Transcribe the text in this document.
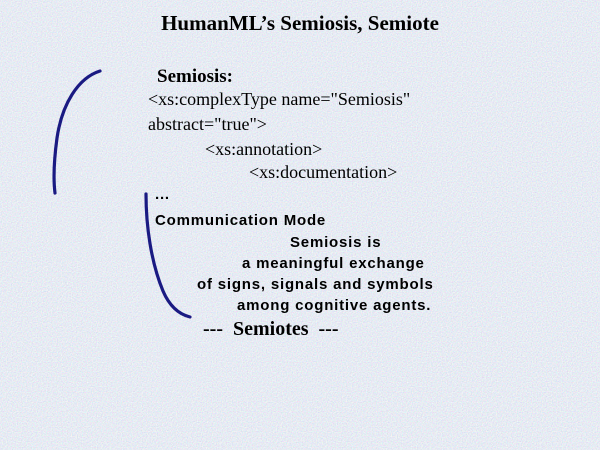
HumanML’s Semiosis, Semiote
Semiosis:
<xs:complexType name="Semiosis"
abstract="true">
<xs:annotation>
<xs:documentation>
...
Communication Mode
Semiosis is
a meaningful exchange
of signs, signals and symbols
among cognitive agents.
---  Semiotes  ---
